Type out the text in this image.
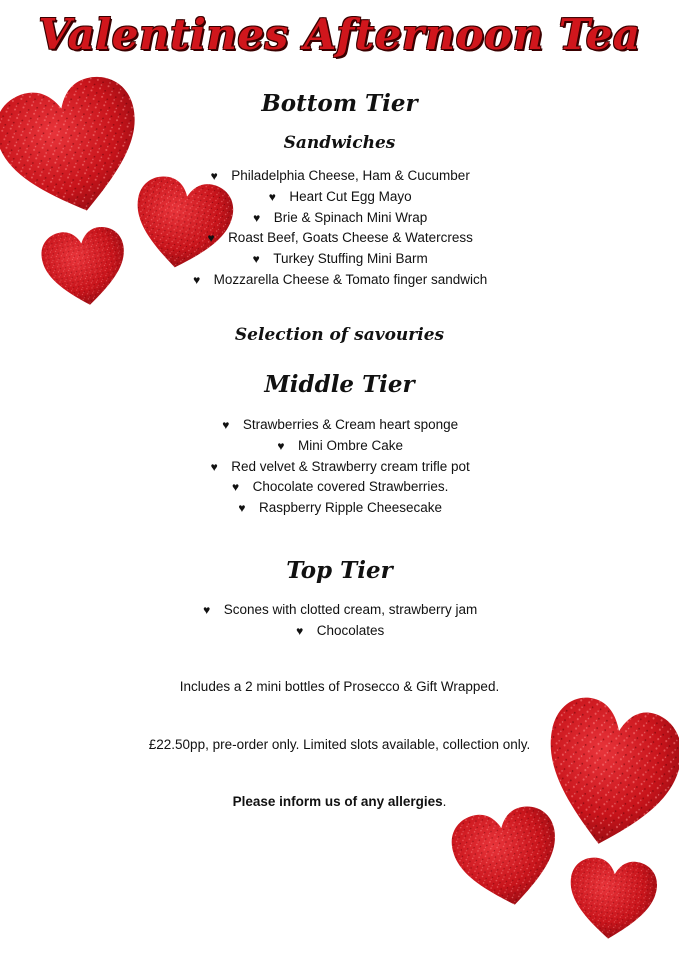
Valentines Afternoon Tea
Bottom Tier
Sandwiches
♥ Philadelphia Cheese, Ham & Cucumber
♥ Heart Cut Egg Mayo
♥ Brie & Spinach Mini Wrap
♥ Roast Beef, Goats Cheese & Watercress
♥ Turkey Stuffing Mini Barm
♥ Mozzarella Cheese & Tomato finger sandwich
Selection of savouries
Middle Tier
♥ Strawberries & Cream heart sponge
♥ Mini Ombre Cake
♥ Red velvet & Strawberry cream trifle pot
♥ Chocolate covered Strawberries.
♥ Raspberry Ripple Cheesecake
Top Tier
♥ Scones with clotted cream, strawberry jam
♥ Chocolates

Includes a 2 mini bottles of Prosecco & Gift Wrapped.

£22.50pp, pre-order only. Limited slots available, collection only.

Please inform us of any allergies.
